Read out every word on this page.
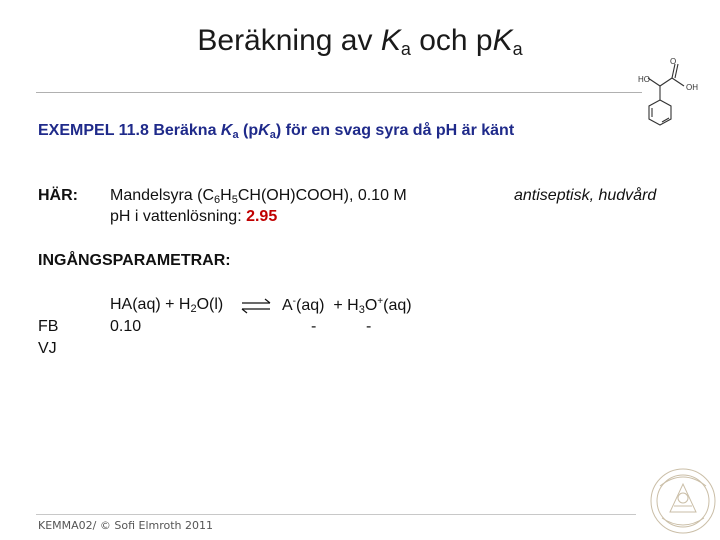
Beräkning av $K_a$ och $pK_a$
O
HO
OH
EXEMPEL 11.8 Beräkna $K_a$ $(pK_a)$ för en svag syra då pH är känt
HÄR: Mandelsyra $(C_6H_5CH(OH)COOH)$, 0.10 M
pH i vattenlösning: 2.95
antiseptisk, hudvård
INGÅNGSPARAMETRAR:
$HA(aq) + H_2O(l)$ ⇌ $A^-(aq) + H_3O^+(aq)$
FB
VJ
0.10	-	-
KEMMA02/ © Sofi Elmroth 2011
